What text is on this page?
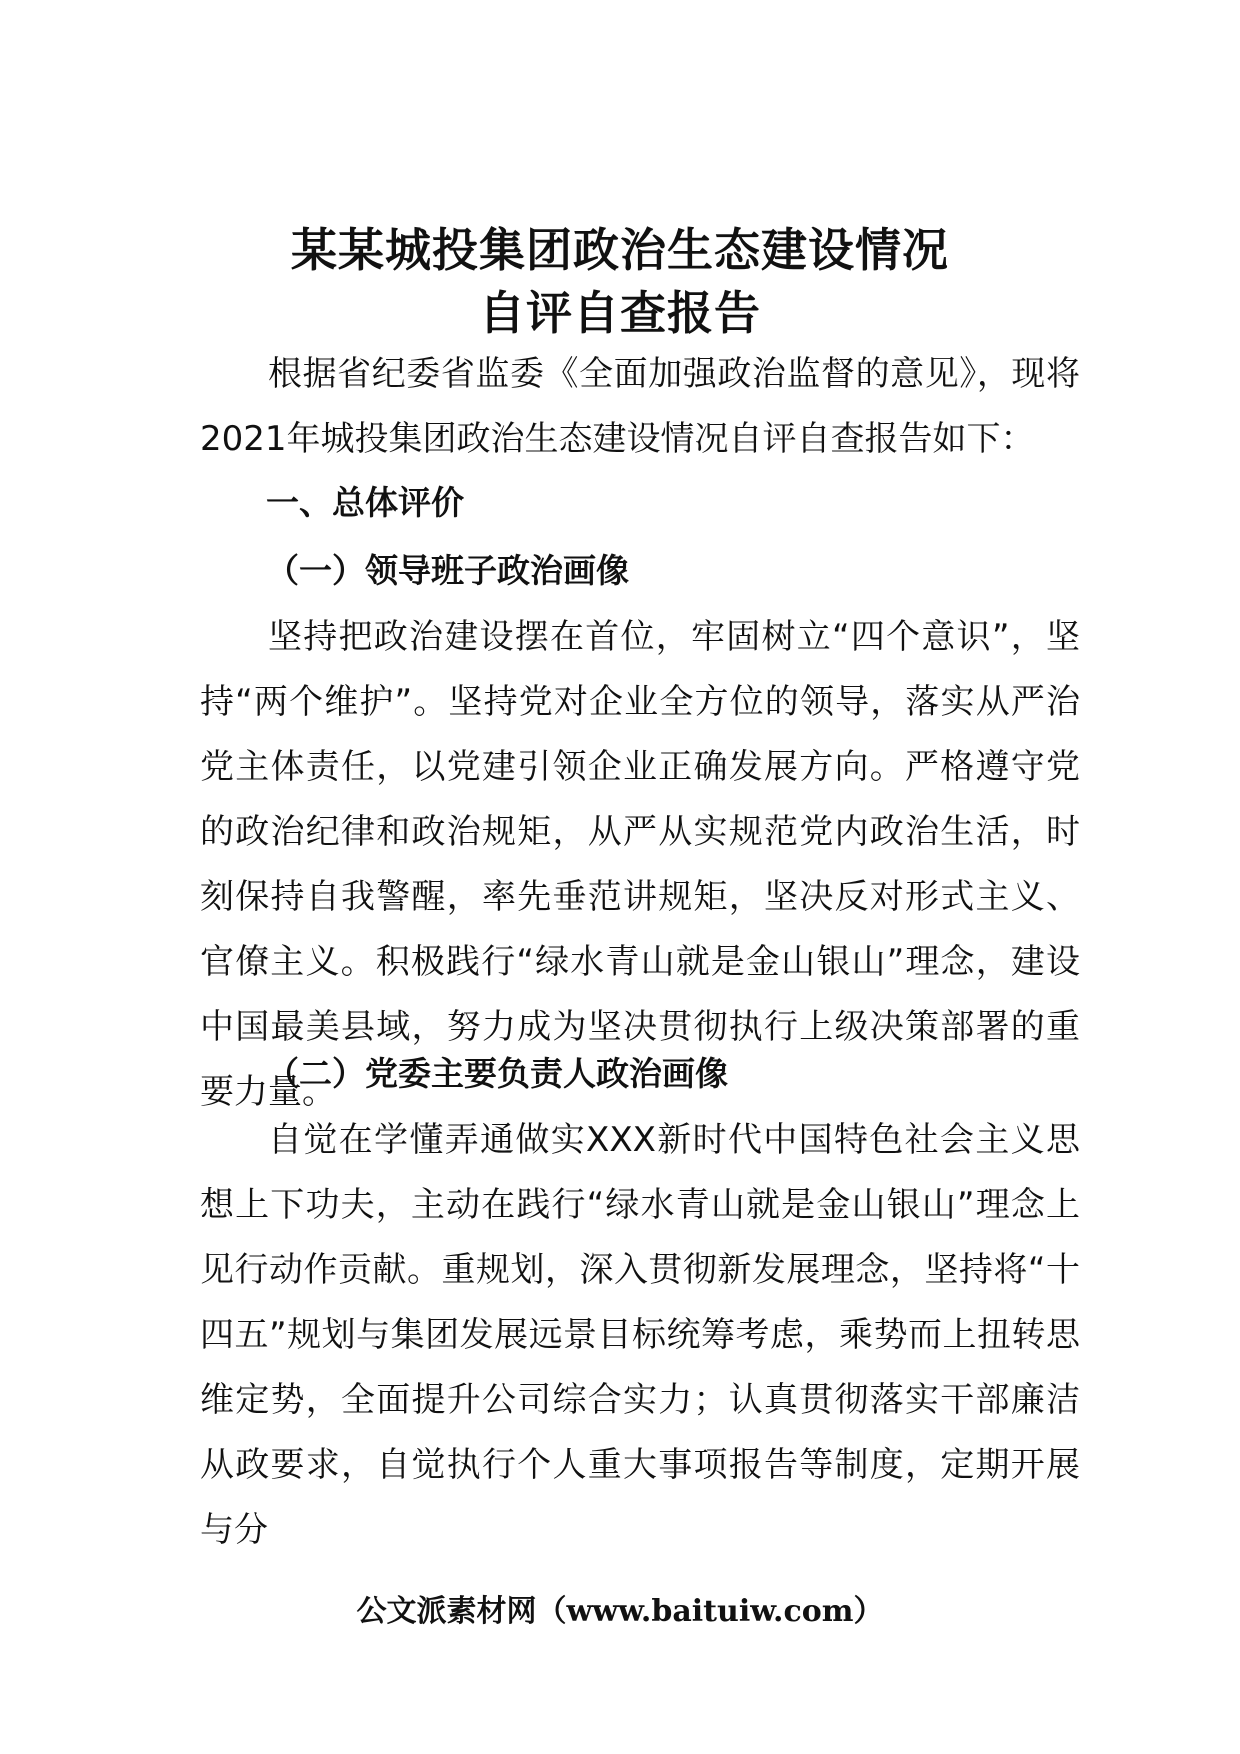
某某城投集团政治生态建设情况
自评自查报告

根据省纪委省监委《全面加强政治监督的意见》，现将2021年城投集团政治生态建设情况自评自查报告如下：

一、总体评价

（一）领导班子政治画像

坚持把政治建设摆在首位，牢固树立“四个意识”，坚持“两个维护”。坚持党对企业全方位的领导，落实从严治党主体责任，以党建引领企业正确发展方向。严格遵守党的政治纪律和政治规矩，从严从实规范党内政治生活，时刻保持自我警醒，率先垂范讲规矩，坚决反对形式主义、官僚主义。积极践行“绿水青山就是金山银山”理念，建设中国最美县域，努力成为坚决贯彻执行上级决策部署的重要力量。

（二）党委主要负责人政治画像

自觉在学懂弄通做实XXX新时代中国特色社会主义思想上下功夫，主动在践行“绿水青山就是金山银山”理念上见行动作贡献。重规划，深入贯彻新发展理念，坚持将“十四五”规划与集团发展远景目标统筹考虑，乘势而上扭转思维定势，全面提升公司综合实力；认真贯彻落实干部廉洁从政要求，自觉执行个人重大事项报告等制度，定期开展与分

公文派素材网（www.baituiw.com）
